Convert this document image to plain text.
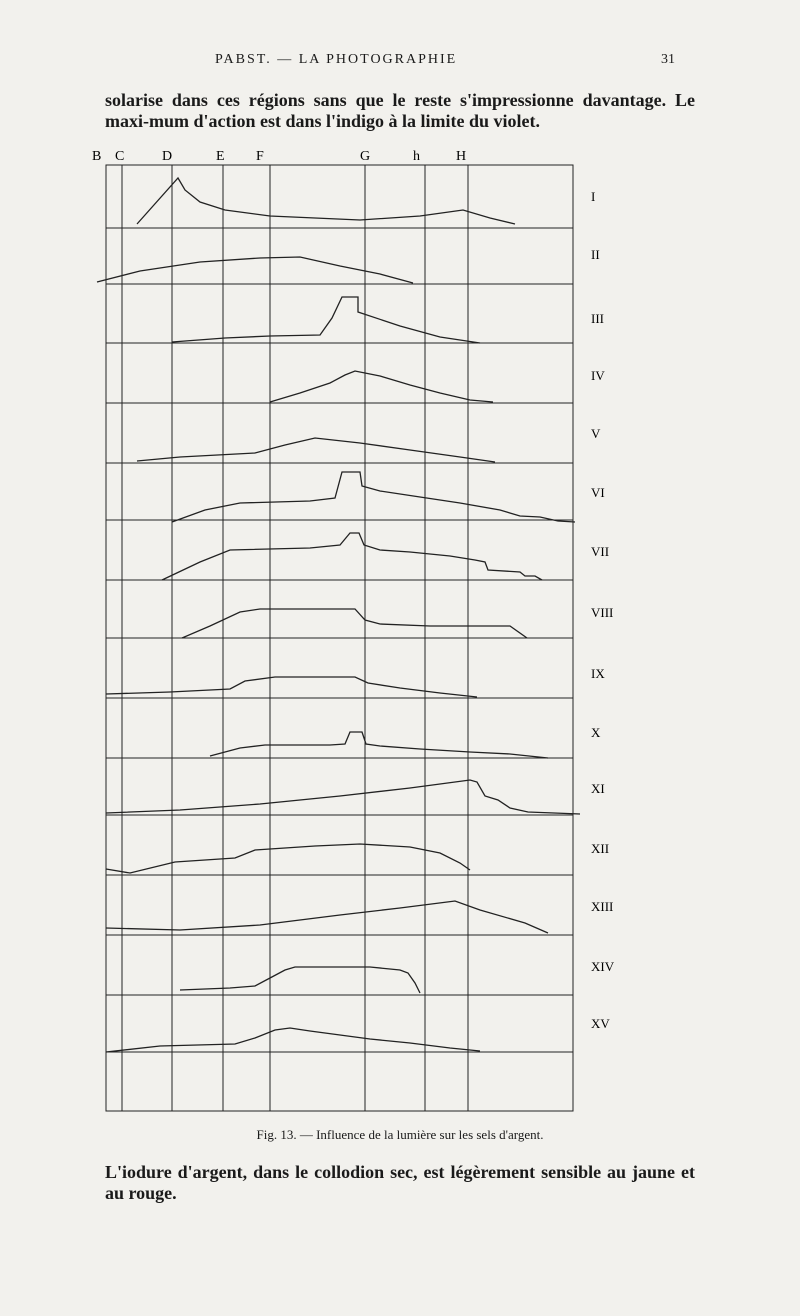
PABST. — LA PHOTOGRAPHIE	31
solarise dans ces régions sans que le reste s'impressionne davantage. Le maxi-mum d'action est dans l'indigo à la limite du violet.
B C	D	E F	G	h	H
I
II
III
IV
V
VI
VII
VIII
IX
X
XI
XII
XIII
XIV
XV
Fig. 13. — Influence de la lumière sur les sels d'argent.
L'iodure d'argent, dans le collodion sec, est légèrement sensible au jaune et au rouge.
